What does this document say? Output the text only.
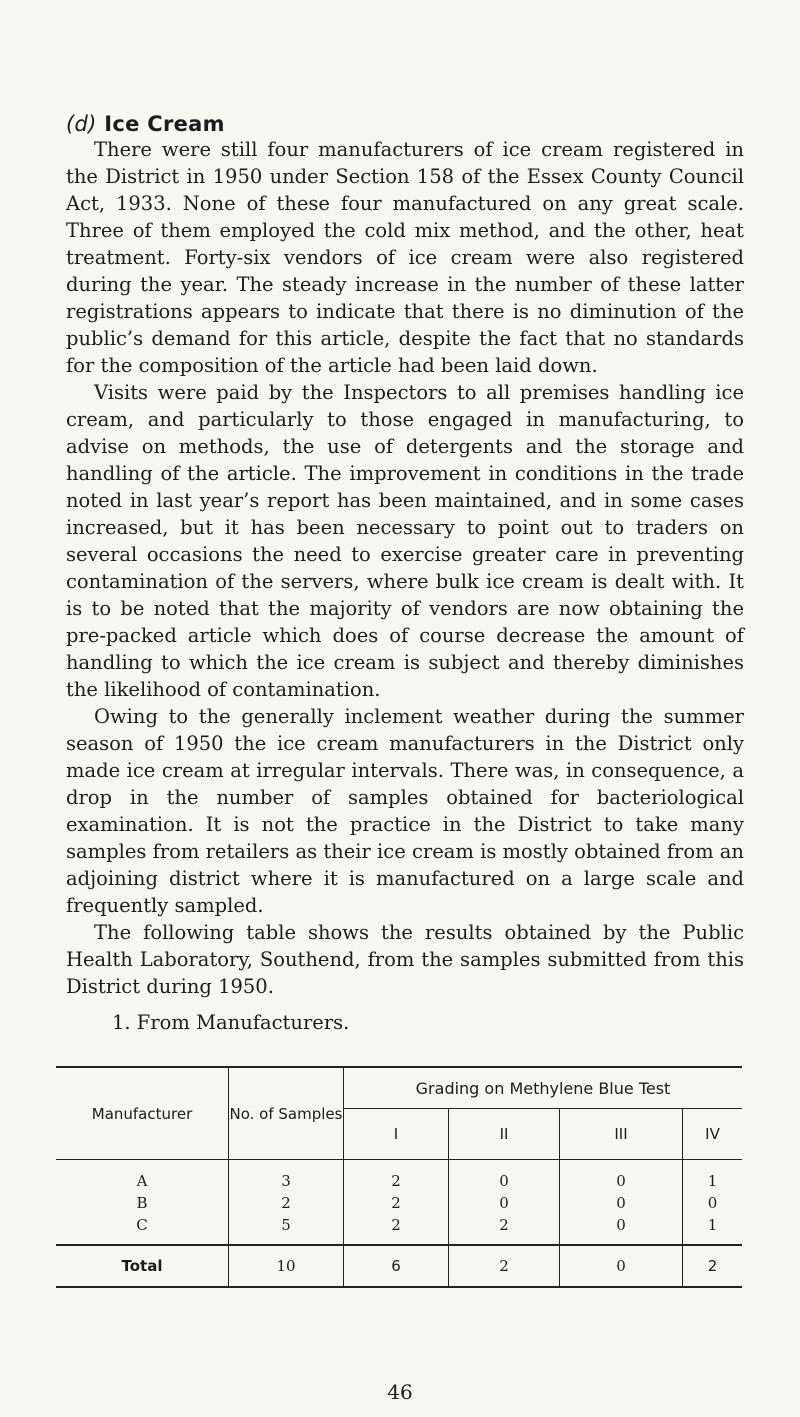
(d) Ice Cream

There were still four manufacturers of ice cream registered in the District in 1950 under Section 158 of the Essex County Council Act, 1933. None of these four manufactured on any great scale. Three of them employed the cold mix method, and the other, heat treatment. Forty-six vendors of ice cream were also registered during the year. The steady increase in the number of these latter registrations appears to indicate that there is no diminution of the public’s demand for this article, despite the fact that no standards for the composition of the article had been laid down.

Visits were paid by the Inspectors to all premises handling ice cream, and particularly to those engaged in manufacturing, to advise on methods, the use of detergents and the storage and handling of the article. The improvement in conditions in the trade noted in last year’s report has been maintained, and in some cases increased, but it has been necessary to point out to traders on several occasions the need to exercise greater care in preventing contamination of the servers, where bulk ice cream is dealt with. It is to be noted that the majority of vendors are now obtaining the pre-packed article which does of course decrease the amount of handling to which the ice cream is subject and thereby diminishes the likelihood of contamination.

Owing to the generally inclement weather during the summer season of 1950 the ice cream manufacturers in the District only made ice cream at irregular intervals. There was, in consequence, a drop in the number of samples obtained for bacteriological examination. It is not the practice in the District to take many samples from retailers as their ice cream is mostly obtained from an adjoining district where it is manufactured on a large scale and frequently sampled.

The following table shows the results obtained by the Public Health Laboratory, Southend, from the samples submitted from this District during 1950.

1. From Manufacturers.
Manufacturer	No. of Samples	Grading on Methylene Blue Test			
		I	II	III	IV
A	3	2	0	0	1
B	2	2	0	0	0
C	5	2	2	0	1
Total	10	6	2	0	2
46
